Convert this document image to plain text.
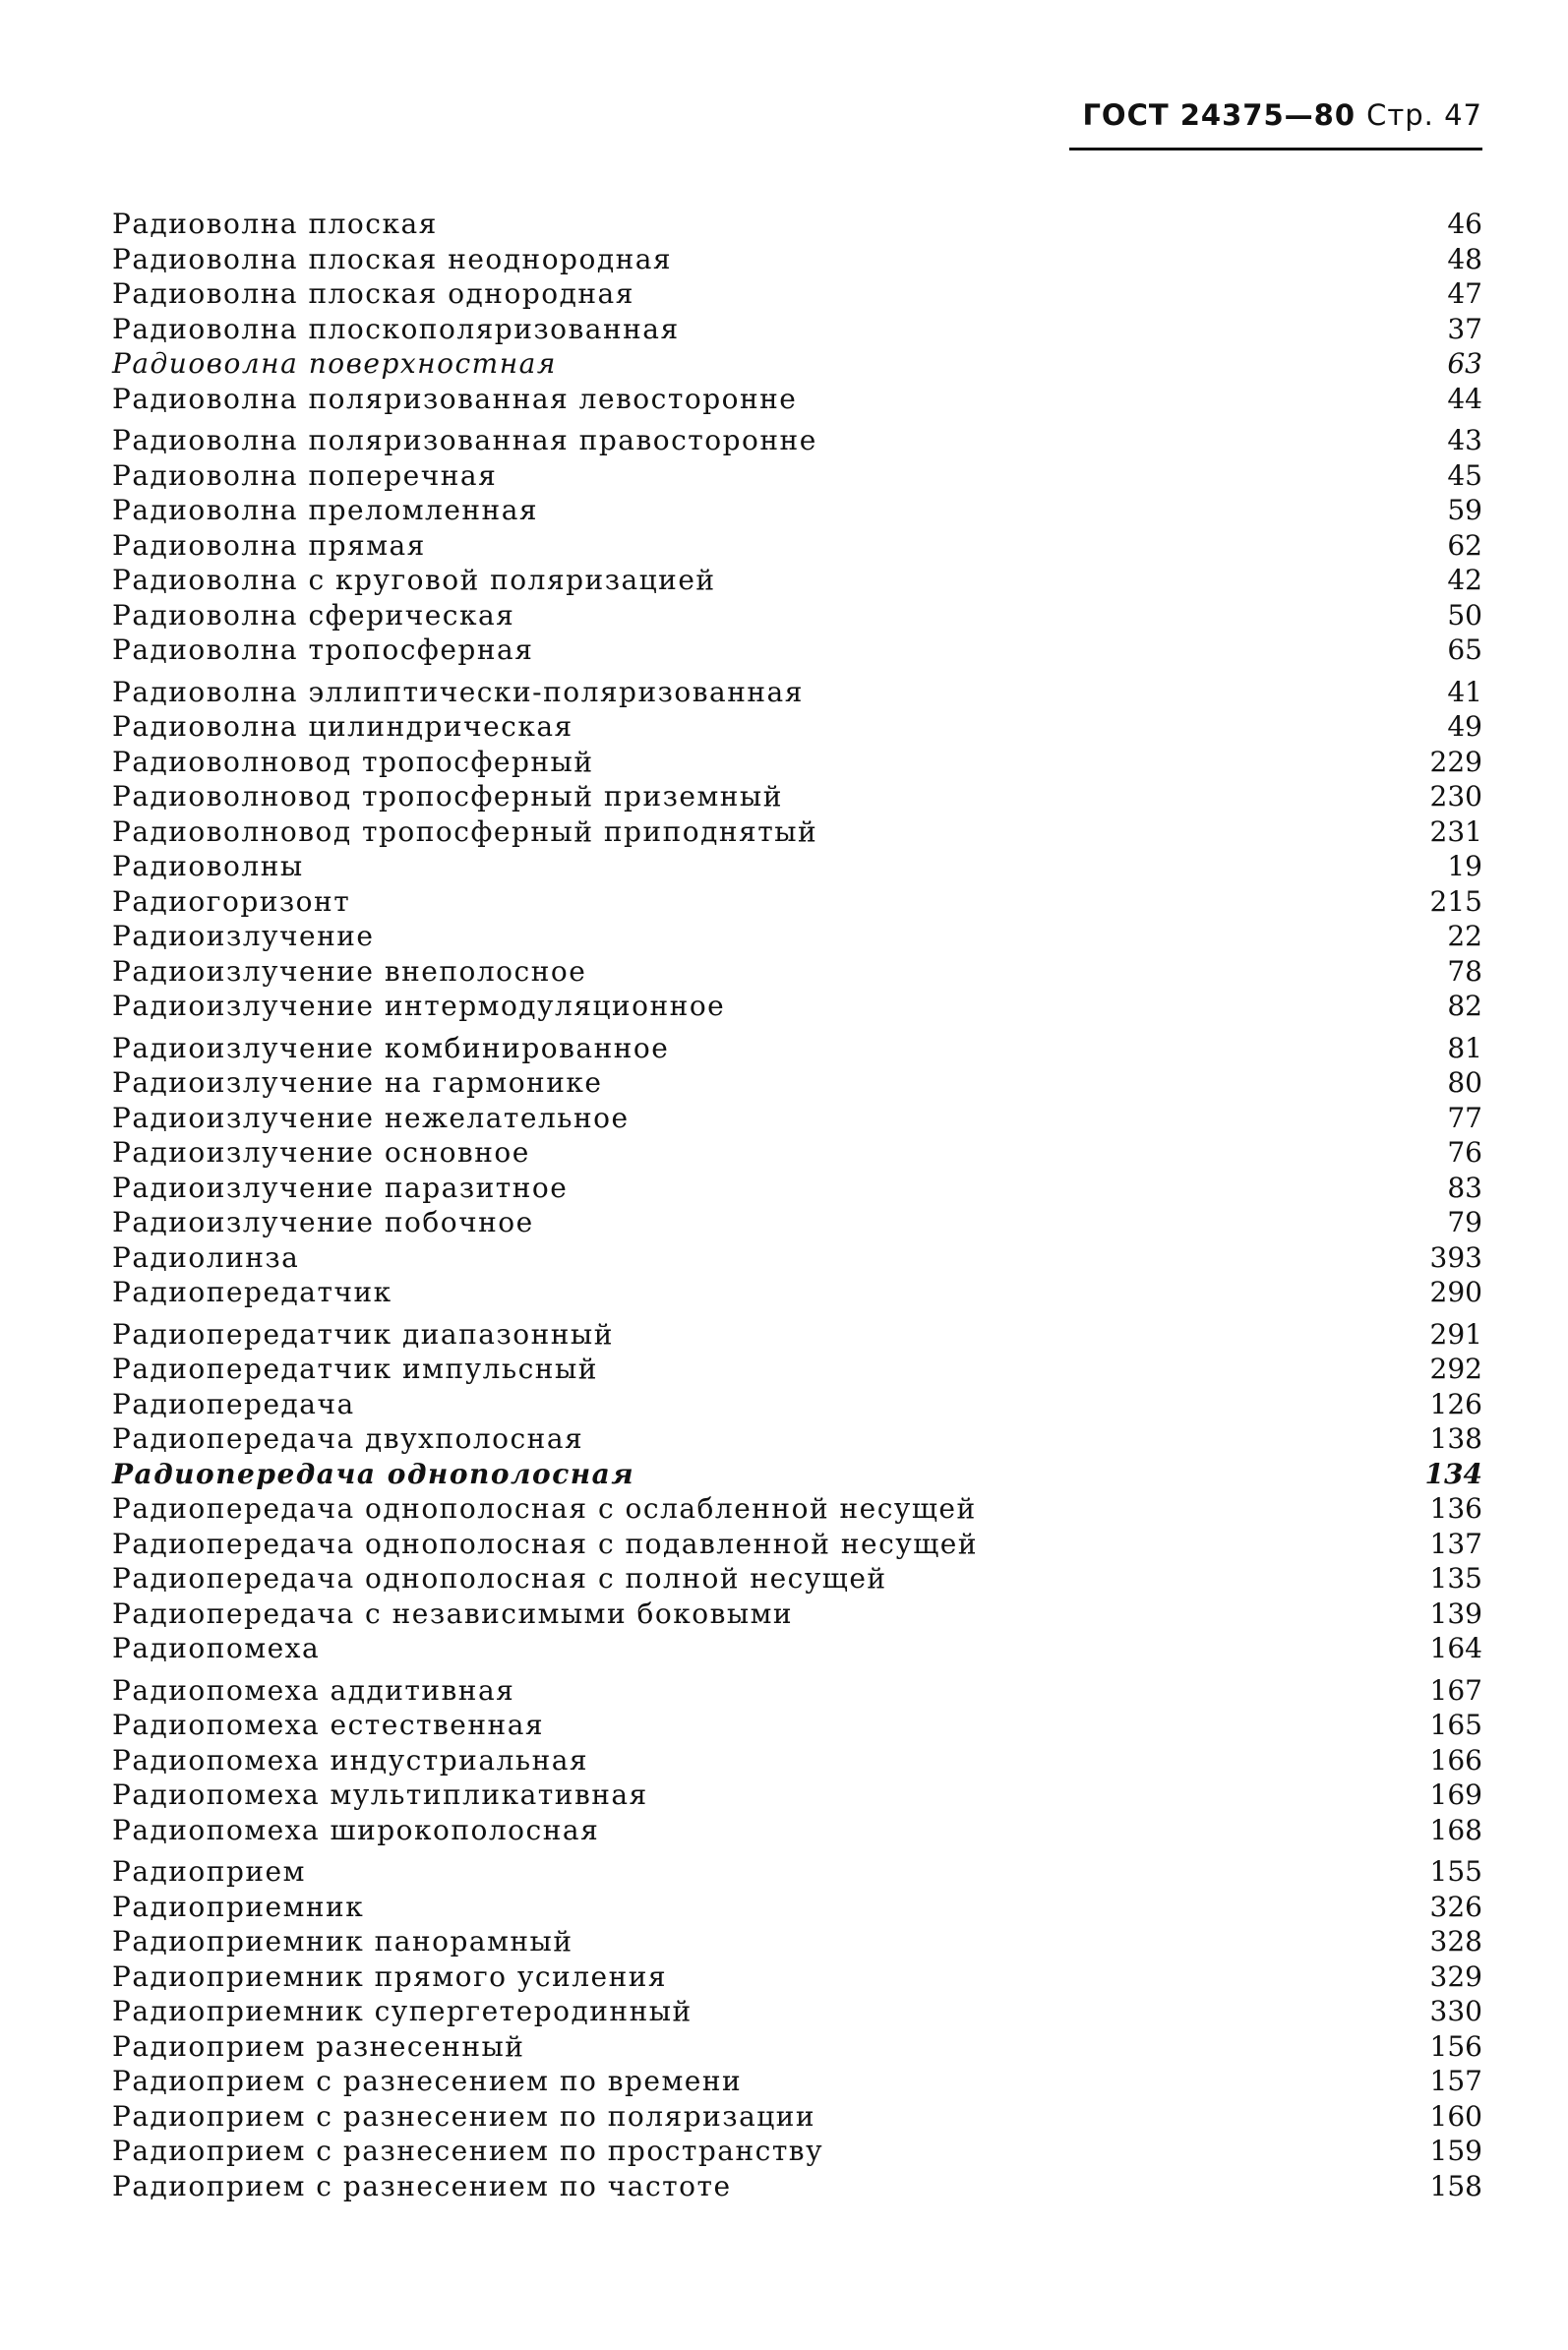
ГОСТ 24375—80 Стр. 47
Радиоволна плоская	46
Радиоволна плоская неоднородная	48
Радиоволна плоская однородная	47
Радиоволна плоскополяризованная	37
Радиоволна поверхностная	63
Радиоволна поляризованная левосторонне	44
Радиоволна поляризованная правосторонне	43
Радиоволна поперечная	45
Радиоволна преломленная	59
Радиоволна прямая	62
Радиоволна с круговой поляризацией	42
Радиоволна сферическая	50
Радиоволна тропосферная	65
Радиоволна эллиптически-поляризованная	41
Радиоволна цилиндрическая	49
Радиоволновод тропосферный	229
Радиоволновод тропосферный приземный	230
Радиоволновод тропосферный приподнятый	231
Радиоволны	19
Радиогоризонт	215
Радиоизлучение	22
Радиоизлучение внеполосное	78
Радиоизлучение интермодуляционное	82
Радиоизлучение комбинированное	81
Радиоизлучение на гармонике	80
Радиоизлучение нежелательное	77
Радиоизлучение основное	76
Радиоизлучение паразитное	83
Радиоизлучение побочное	79
Радиолинза	393
Радиопередатчик	290
Радиопередатчик диапазонный	291
Радиопередатчик импульсный	292
Радиопередача	126
Радиопередача двухполосная	138
Радиопередача однополосная	134
Радиопередача однополосная с ослабленной несущей	136
Радиопередача однополосная с подавленной несущей	137
Радиопередача однополосная с полной несущей	135
Радиопередача с независимыми боковыми	139
Радиопомеха	164
Радиопомеха аддитивная	167
Радиопомеха естественная	165
Радиопомеха индустриальная	166
Радиопомеха мультипликативная	169
Радиопомеха широкополосная	168
Радиоприем	155
Радиоприемник	326
Радиоприемник панорамный	328
Радиоприемник прямого усиления	329
Радиоприемник супергетеродинный	330
Радиоприем разнесенный	156
Радиоприем с разнесением по времени	157
Радиоприем с разнесением по поляризации	160
Радиоприем с разнесением по пространству	159
Радиоприем с разнесением по частоте	158
